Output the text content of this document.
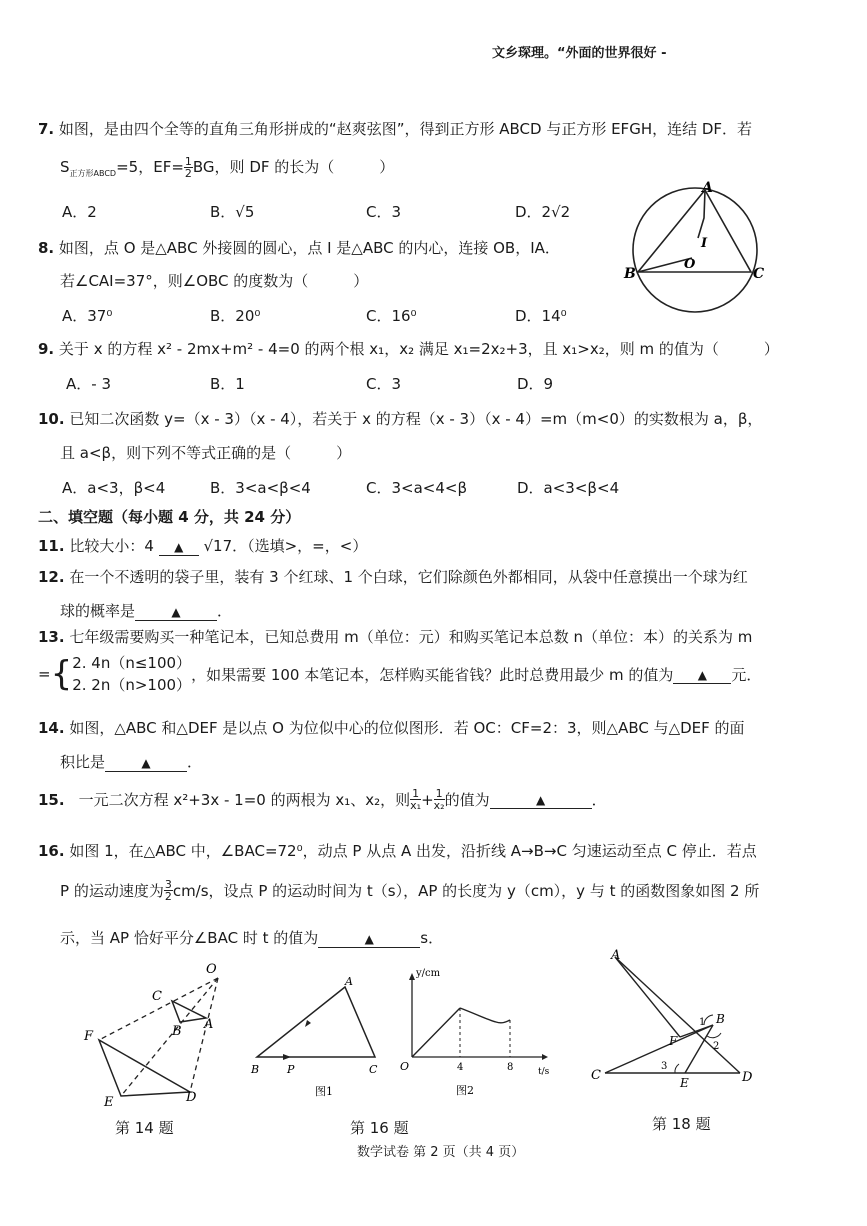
文乡琛理。“外面的世界很好 -
7. 如图，是由四个全等的直角三角形拼成的“赵爽弦图”，得到正方形 ABCD 与正方形 EFGH，连结 DF．若
$S_{正方形ABCD}=5$，$EF= \frac{1}{2}$ BG，则 DF 的长为（　　　）
A．2	B．√5	C．3	D．2√2
A
B	C
O
I
8. 如图，点 O 是△ABC 外接圆的圆心，点 I 是△ABC 的内心，连接 OB，IA．
若∠CAI=37°，则∠OBC 的度数为（　　　）
A．37⁰	B．20⁰	C．16⁰	D．14⁰
9. 关于 x 的方程 x² - 2mx+m² - 4=0 的两个根 x₁，x₂ 满足 x₁=2x₂+3，且 x₁>x₂，则 m 的值为（　　　）
A．- 3	B．1	C．3	D．9
10. 已知二次函数 y=（x - 3）（x - 4），若关于 x 的方程（x - 3）（x - 4）=m（m<0）的实数根为 a，β，
且 a<β，则下列不等式正确的是（　　　）
A．a<3，β<4	B．3<a<β<4	C．3<a<4<β	D．a<3<β<4
二、填空题（每小题 4 分，共 24 分）
11. 比较大小：4 ▲ √17．（选填>，=，<）
12. 在一个不透明的袋子里，装有 3 个红球、1 个白球，它们除颜色外都相同，从袋中任意摸出一个球为红
球的概率是	▲ ．
13. 七年级需要购买一种笔记本，已知总费用 m（单位：元）和购买笔记本总数 n（单位：本）的关系为 m
= { 2. 4n（n≤100）
2. 2n（n>100）
，如果需要 100 本笔记本，怎样购买能省钱？此时总费用最少 m 的值为	▲	元．
14. 如图，△ABC 和△DEF 是以点 O 为位似中心的位似图形．若 OC：CF=2：3，则△ABC 与△DEF 的面
积比是	▲ ．
15. 一元二次方程 x²+3x - 1=0 的两根为 x₁、x₂，则 $\frac{1}{\text{x₁}} + \frac{1}{\text{x₂}}$ 的值为	▲	．
16. 如图 1，在△ABC 中，∠BAC=72⁰，动点 P 从点 A 出发，沿折线 A→B→C 匀速运动至点 C 停止．若点
P 的运动速度为 $\frac{3}{2} cm/s$，设点 P 的运动时间为 t（s），AP 的长度为 y（cm），y 与 t 的函数图象如图 2 所
示，当 AP 恰好平分∠BAC 时 t 的值为	▲	s．
O
C
B A
F
E	D
第 14 题
A
B	P	C
图1
y/cm
O	4	8	t/s
图2
第 16 题
A
B
1
2
F
3
C	E	D
第 18 题
数学试卷 第 2 页（共 4 页）
